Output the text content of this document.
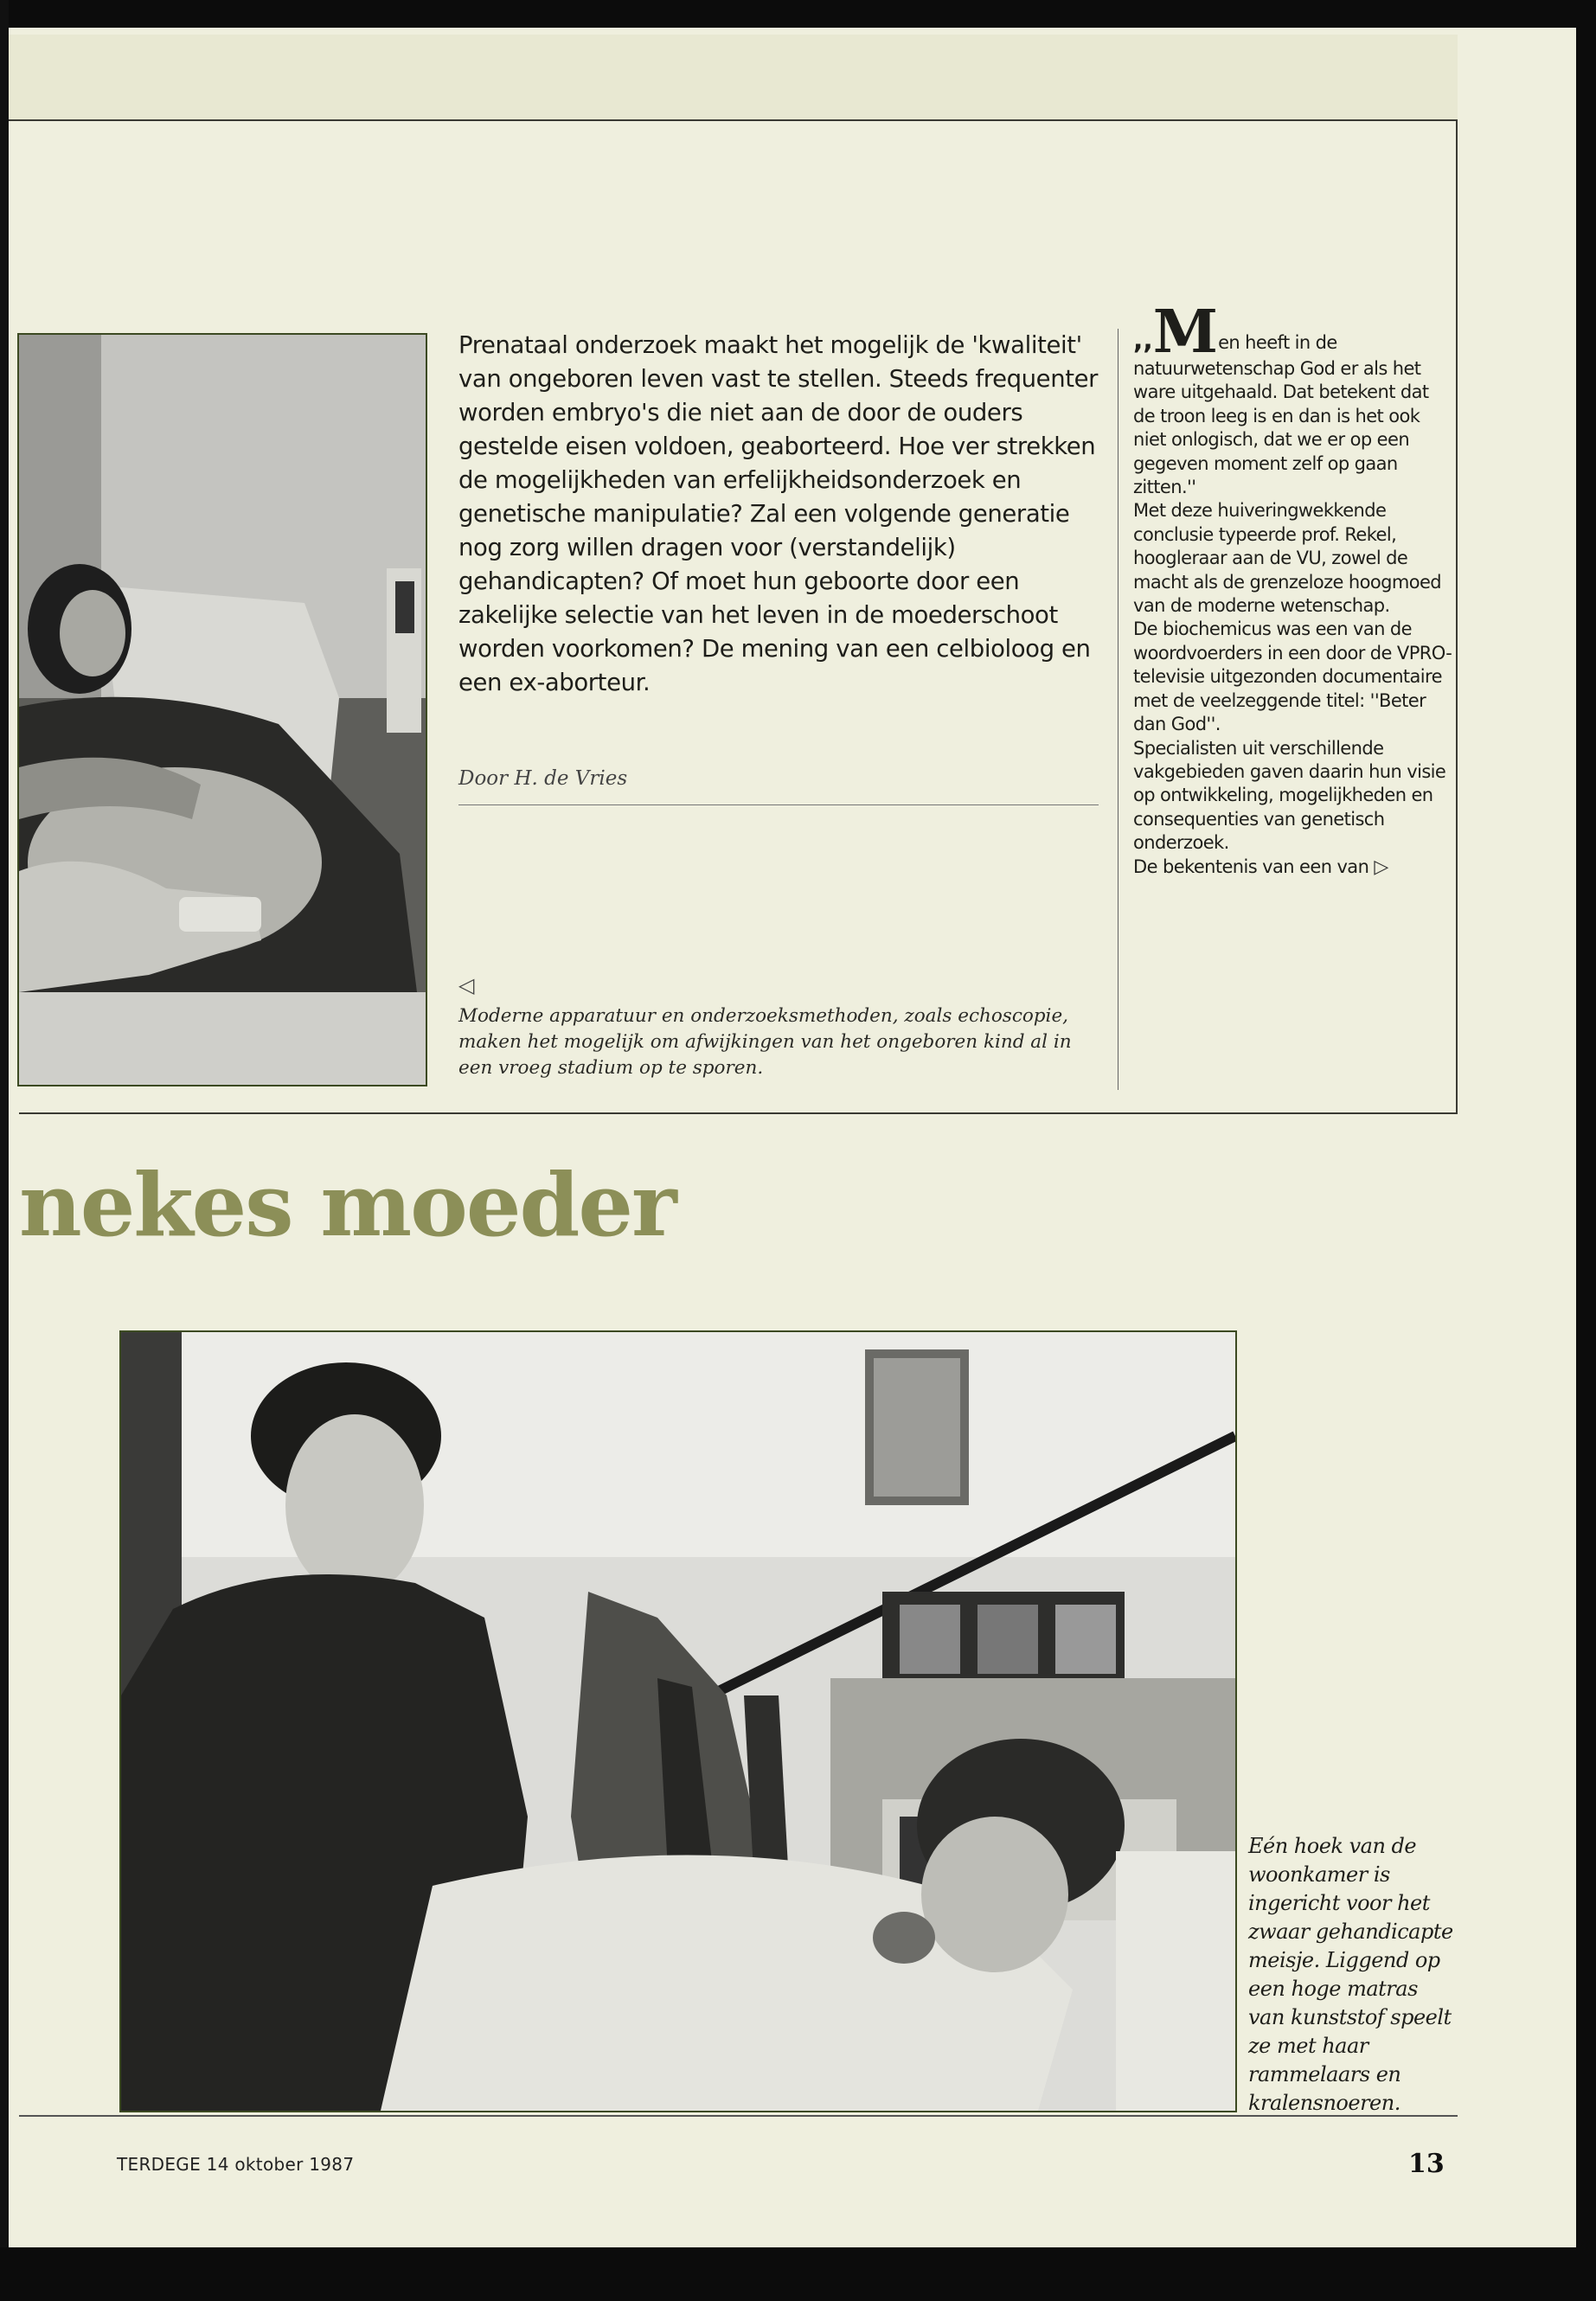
Prenataal onderzoek maakt het mogelijk de 'kwaliteit' van ongeboren leven vast te stellen. Steeds frequenter worden embryo's die niet aan de door de ouders gestelde eisen voldoen, geaborteerd. Hoe ver strekken de mogelijkheden van erfelijkheidsonderzoek en genetische manipulatie? Zal een volgende generatie nog zorg willen dragen voor (verstandelijk) gehandicapten? Of moet hun geboorte door een zakelijke selectie van het leven in de moederschoot worden voorkomen? De mening van een celbioloog en een ex-aborteur.

Door H. de Vries
◁
Moderne apparatuur en onderzoeksmethoden, zoals echoscopie, maken het mogelijk om afwijkingen van het ongeboren kind al in een vroeg stadium op te sporen.

,,Men heeft in de natuurwetenschap God er als het ware uitgehaald. Dat betekent dat de troon leeg is en dan is het ook niet onlogisch, dat we er op een gegeven moment zelf op gaan zitten.''

Met deze huiveringwekkende conclusie typeerde prof. Rekel, hoogleraar aan de VU, zowel de macht als de grenzeloze hoogmoed van de moderne wetenschap.

De biochemicus was een van de woordvoerders in een door de VPRO-televisie uitgezonden documentaire met de veelzeggende titel: ''Beter dan God''.

Specialisten uit verschillende vakgebieden gaven daarin hun visie op ontwikkeling, mogelijkheden en consequenties van genetisch onderzoek.

De bekentenis van een van ▷

nekes moeder
Eén hoek van de woonkamer is ingericht voor het zwaar gehandicapte meisje. Liggend op een hoge matras van kunststof speelt ze met haar rammelaars en kralensnoeren.
TERDEGE 14 oktober 1987	13
